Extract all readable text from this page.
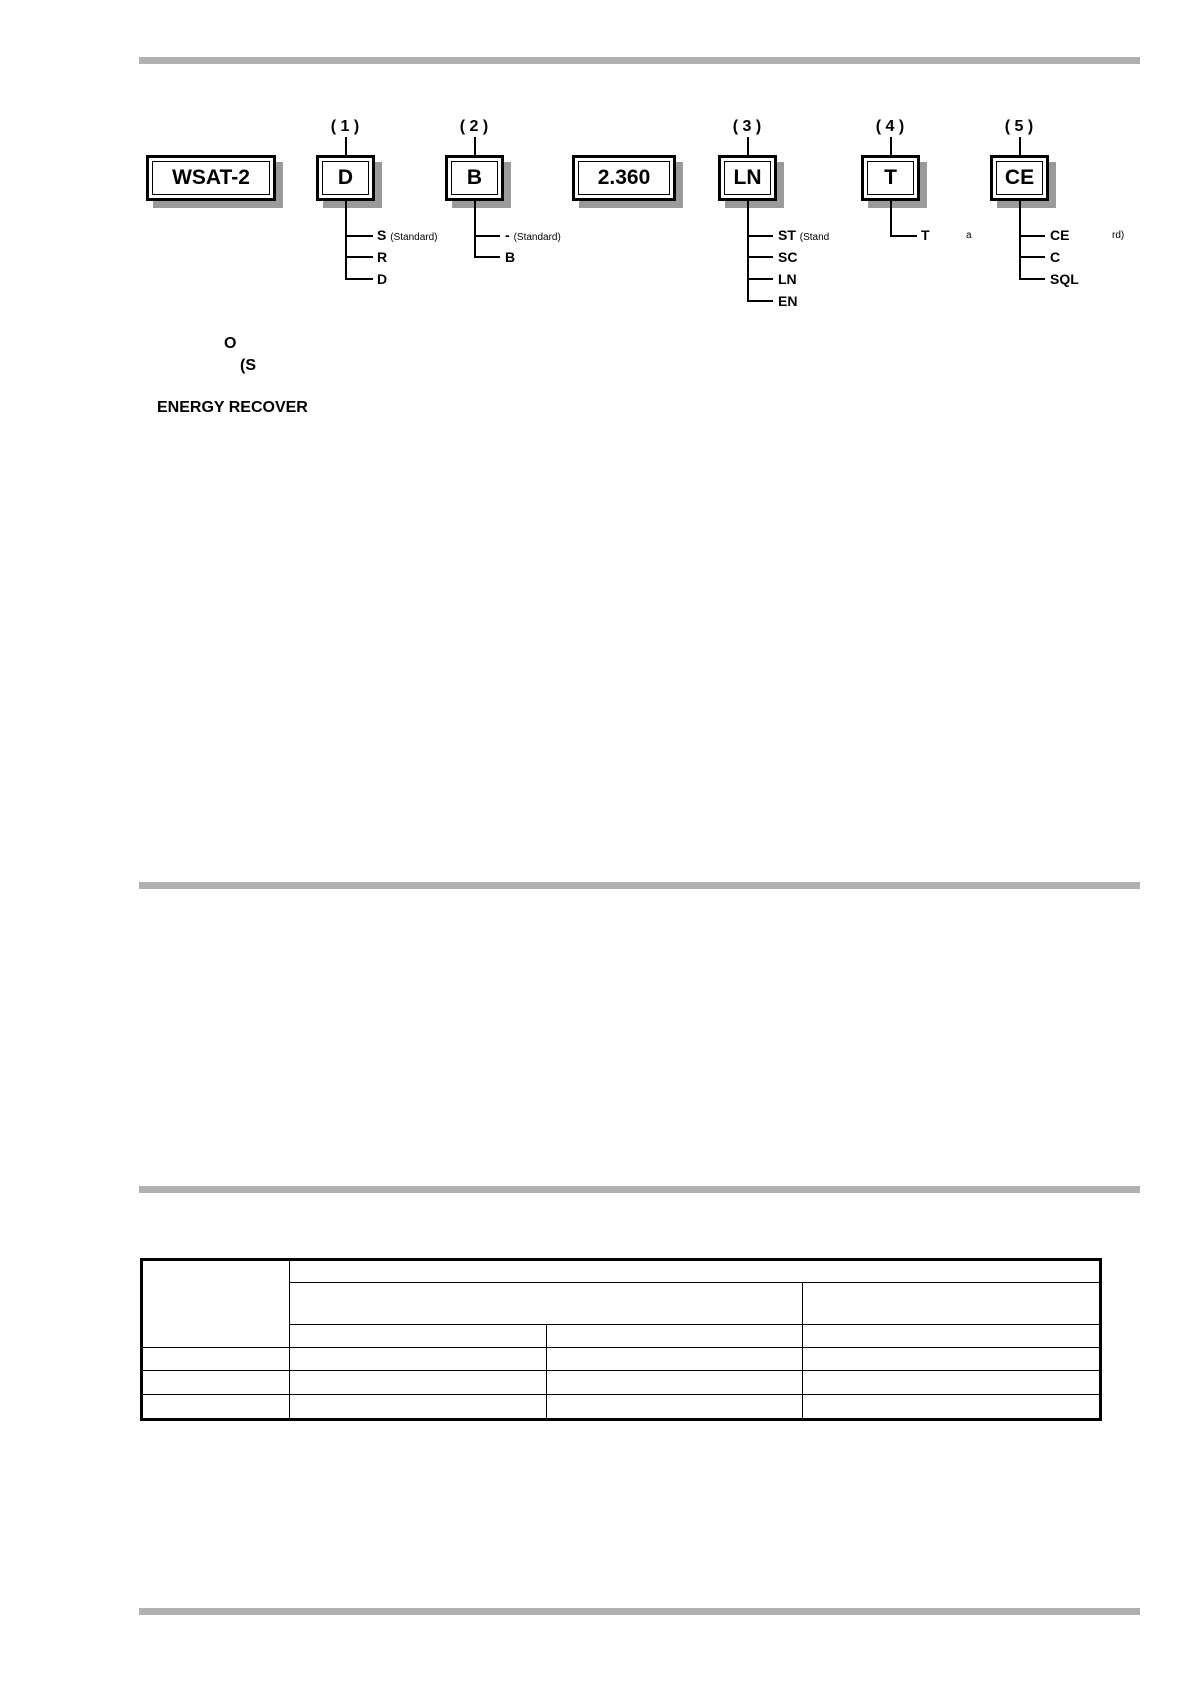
( 1 )	( 2 )	( 3 )	( 4 )	( 5 )
WSAT-2	D	B	2.360	LN	T	CE
S (Standard)
R
D
- (Standard)
B
ST (Stand
SC
LN
EN
T	a	CE
C
SQL
rd)
O
(S
ENERGY RECOVER
